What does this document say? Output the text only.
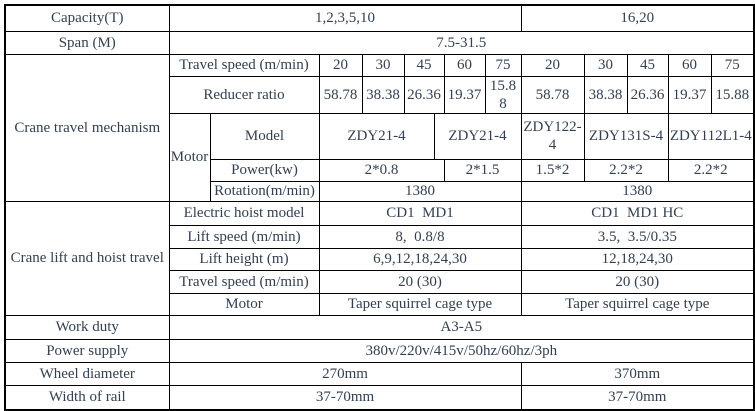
Capacity(T)	1,2,3,5,10								16,20				
Span (M)	7.5-31.5												
Crane travel mechanism	Travel speed (m/min)		20	30	45		60	75	20	30	45	60	75
	Reducer ratio		58.78	38.38	26.36		19.37	15.88	58.78	38.38	26.36	19.37	15.88
	Motor	Model	ZDY21-4			ZDY21-4			ZDY122-4	ZDY131S-4		ZDY112L1-4	
		Power(kw)	2*0.8				2*1.5		1.5*2	2.2*2		2.2*2	
		Rotation(m/min)	1380						1380				
Crane lift and hoist travel	Electric hoist model		CD1  MD1						CD1  MD1 HC				
	Lift speed (m/min)		8,  0.8/8						3.5,  3.5/0.35				
	Lift height (m)		6,9,12,18,24,30						12,18,24,30				
	Travel speed (m/min)		20 (30)						20 (30)				
	Motor		Taper squirrel cage type						Taper squirrel cage type				
Work duty	A3-A5												
Power supply	380v/220v/415v/50hz/60hz/3ph												
Wheel diameter	270mm								370mm				
Width of rail	37-70mm								37-70mm				
